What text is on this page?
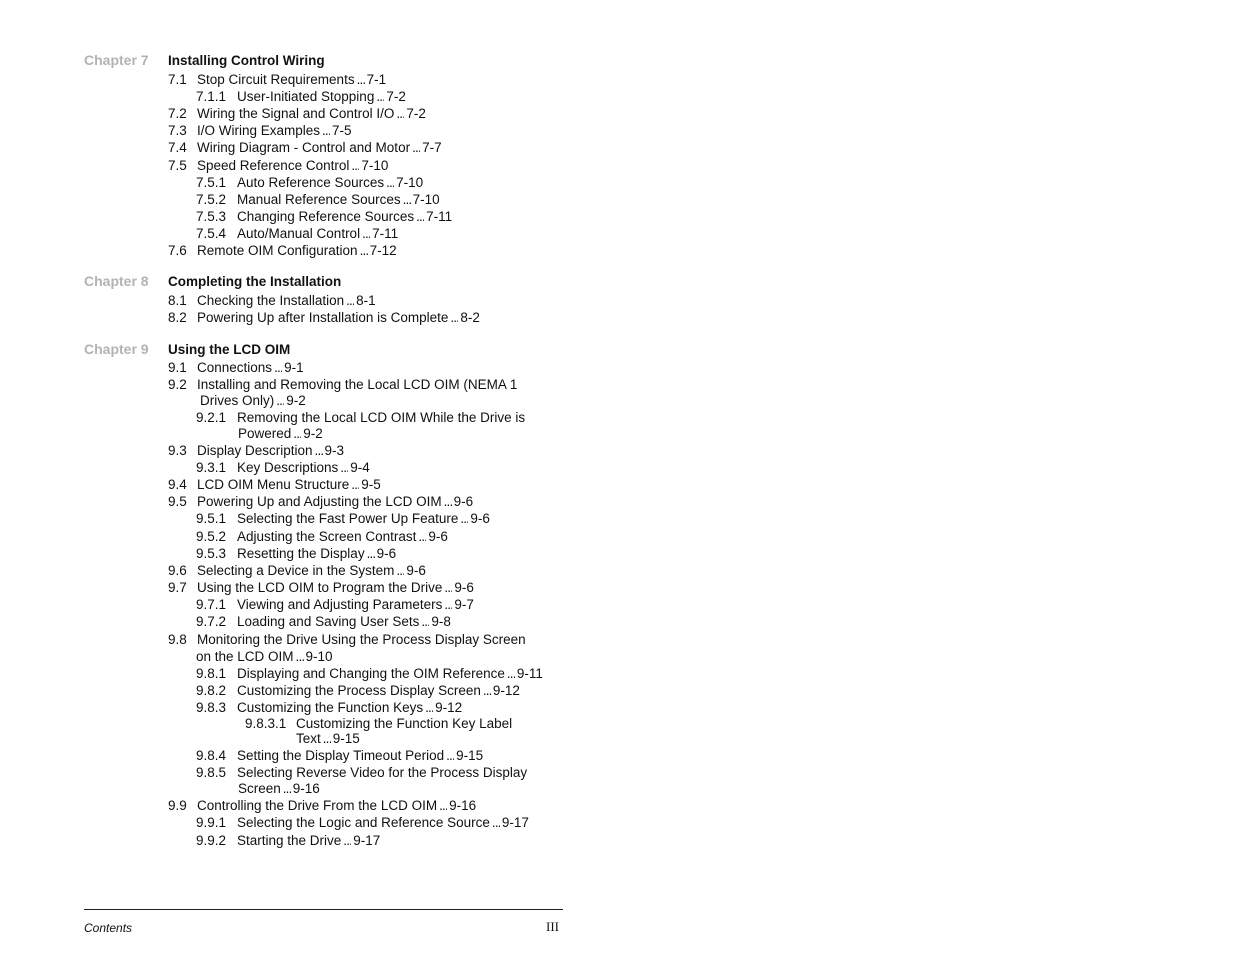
Chapter 7	Installing Control Wiring
7.1 Stop Circuit Requirements . . . 7-1
7.1.1 User-Initiated Stopping . . . 7-2
7.2 Wiring the Signal and Control I/O . . . 7-2
7.3 I/O Wiring Examples . . . 7-5
7.4 Wiring Diagram - Control and Motor . . . 7-7
7.5 Speed Reference Control . . . 7-10
7.5.1 Auto Reference Sources . . . 7-10
7.5.2 Manual Reference Sources . . . 7-10
7.5.3 Changing Reference Sources . . . 7-11
7.5.4 Auto/Manual Control . . . 7-11
7.6 Remote OIM Configuration . . . 7-12
Chapter 8	Completing the Installation
8.1 Checking the Installation . . . 8-1
8.2 Powering Up after Installation is Complete . . . 8-2
Chapter 9	Using the LCD OIM
9.1 Connections . . . 9-1
9.2 Installing and Removing the Local LCD OIM (NEMA 1
Drives Only) . . . 9-2
9.2.1 Removing the Local LCD OIM While the Drive is
Powered . . . 9-2
9.3 Display Description . . . 9-3
9.3.1 Key Descriptions . . . 9-4
9.4 LCD OIM Menu Structure . . . 9-5
9.5 Powering Up and Adjusting the LCD OIM . . . 9-6
9.5.1 Selecting the Fast Power Up Feature . . . 9-6
9.5.2 Adjusting the Screen Contrast . . . 9-6
9.5.3 Resetting the Display . . . 9-6
9.6 Selecting a Device in the System . . . 9-6
9.7 Using the LCD OIM to Program the Drive . . . 9-6
9.7.1 Viewing and Adjusting Parameters . . . 9-7
9.7.2 Loading and Saving User Sets . . . 9-8
9.8 Monitoring the Drive Using the Process Display Screen
on the LCD OIM . . . 9-10
9.8.1 Displaying and Changing the OIM Reference . . . 9-11
9.8.2 Customizing the Process Display Screen . . . 9-12
9.8.3 Customizing the Function Keys . . . 9-12
9.8.3.1 Customizing the Function Key Label
Text . . . 9-15
9.8.4 Setting the Display Timeout Period . . . 9-15
9.8.5 Selecting Reverse Video for the Process Display
Screen . . . 9-16
9.9 Controlling the Drive From the LCD OIM . . . 9-16
9.9.1 Selecting the Logic and Reference Source . . . 9-17
9.9.2 Starting the Drive . . . 9-17
Contents	III
